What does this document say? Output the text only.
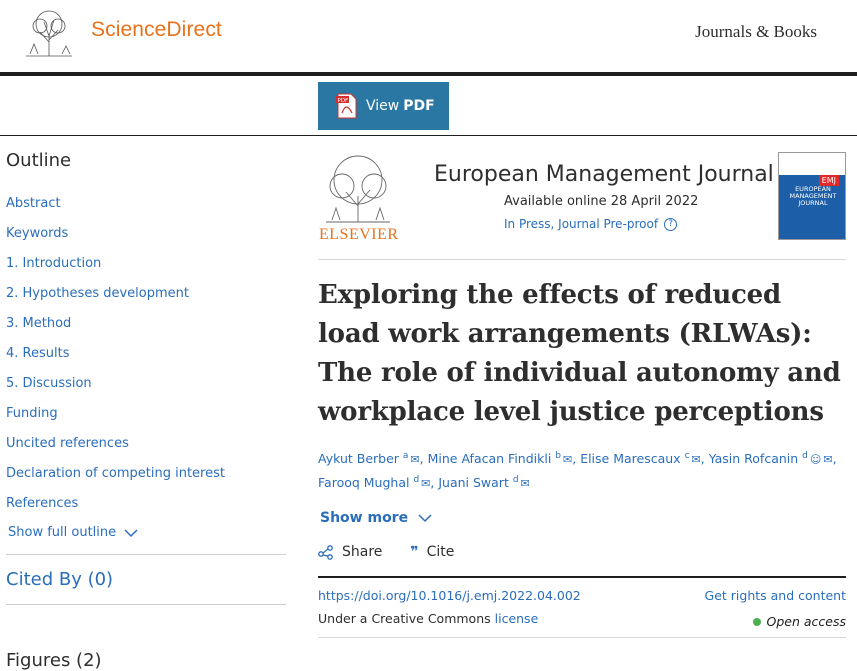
ScienceDirect	Journals & Books
PDF View PDF
Outline
Abstract
Keywords
1. Introduction
2. Hypotheses development
3. Method
4. Results
5. Discussion
Funding
Uncited references
Declaration of competing interest
References
Show full outline
Cited By (0)
Figures (2)
ELSEVIER
European Management Journal
Available online 28 April 2022
In Press, Journal Pre-proof	?
EMJ
EUROPEAN MANAGEMENT JOURNAL
Exploring the effects of reduced load work arrangements (RLWAs): The role of individual autonomy and workplace level justice perceptions
Aykut Berber $^a$ ✉, Mine Afacan Findikli $^b$ ✉, Elise Marescaux $^c$ ✉, Yasin Rofcanin $^d$ ☺ ✉,
Farooq Mughal $^d$ ✉, Juani Swart $^d$ ✉
Show more
Share ❞ Cite
https://doi.org/10.1016/j.emj.2022.04.002
Under a Creative Commons license
Get rights and content
Open access
